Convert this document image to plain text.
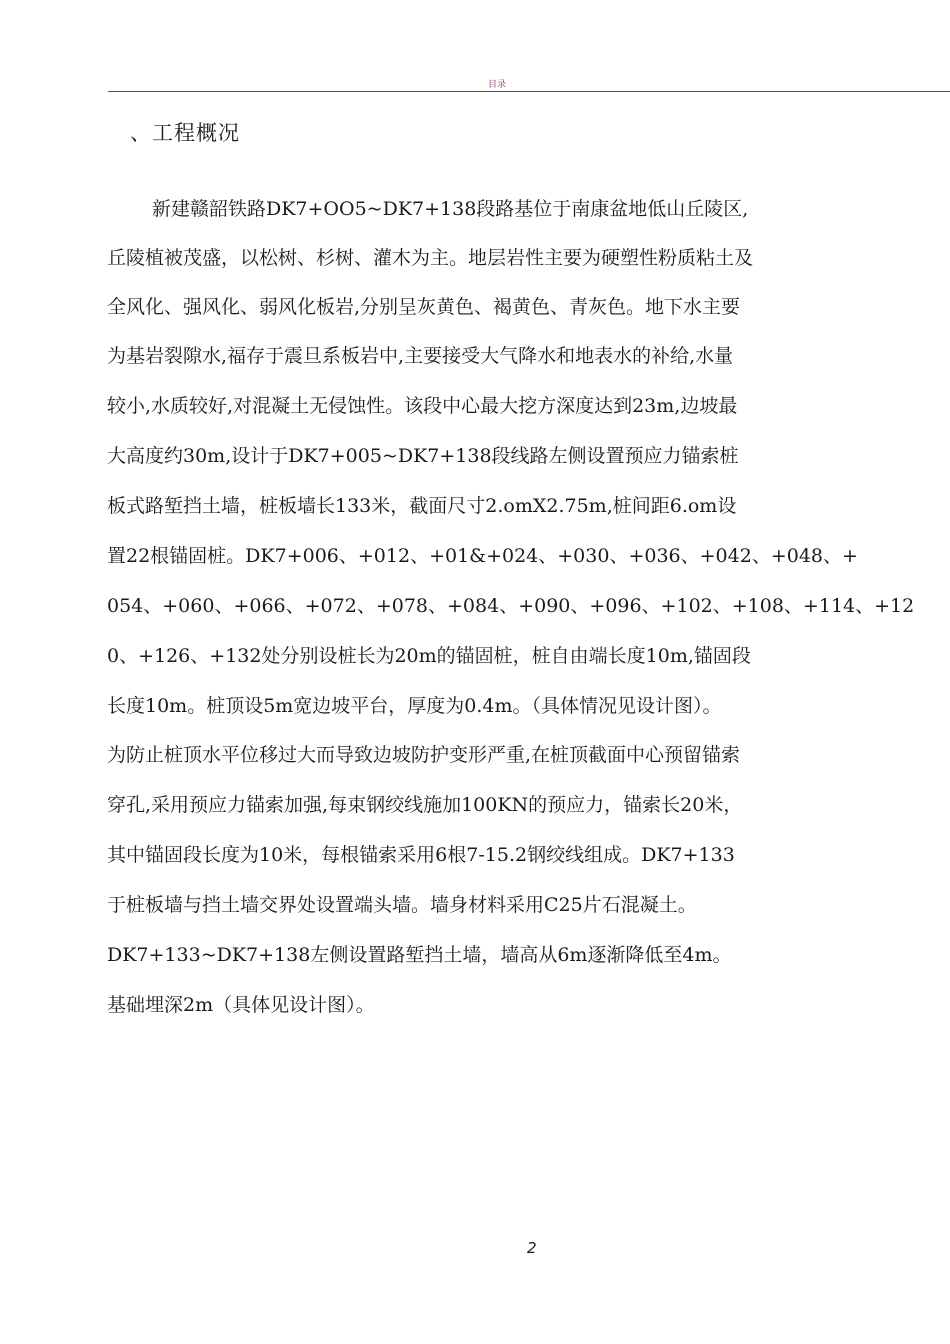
目录
、工程概况
新建赣韶铁路DK7+OO5~DK7+138段路基位于南康盆地低山丘陵区,
丘陵植被茂盛，以松树、杉树、灌木为主。地层岩性主要为硬塑性粉质粘土及
全风化、强风化、弱风化板岩,分别呈灰黄色、褐黄色、青灰色。地下水主要
为基岩裂隙水,福存于震旦系板岩中,主要接受大气降水和地表水的补给,水量
较小,水质较好,对混凝土无侵蚀性。该段中心最大挖方深度达到23m,边坡最
大高度约30m,设计于DK7+005~DK7+138段线路左侧设置预应力锚索桩
板式路堑挡土墙，桩板墙长133米，截面尺寸2.omX2.75m,桩间距6.om设
置22根锚固桩。DK7+006、+012、+01&+024、+030、+036、+042、+048、+
054、+060、+066、+072、+078、+084、+090、+096、+102、+108、+114、+12
0、+126、+132处分别设桩长为20m的锚固桩，桩自由端长度10m,锚固段
长度10m。桩顶设5m宽边坡平台，厚度为0.4m。（具体情况见设计图）。
为防止桩顶水平位移过大而导致边坡防护变形严重,在桩顶截面中心预留锚索
穿孔,采用预应力锚索加强,每束钢绞线施加100KN的预应力，锚索长20米，
其中锚固段长度为10米，每根锚索采用6根7-15.2钢绞线组成。DK7+133
于桩板墙与挡土墙交界处设置端头墙。墙身材料采用C25片石混凝土。
DK7+133~DK7+138左侧设置路堑挡土墙，墙高从6m逐渐降低至4m。
基础埋深2m（具体见设计图）。
2
